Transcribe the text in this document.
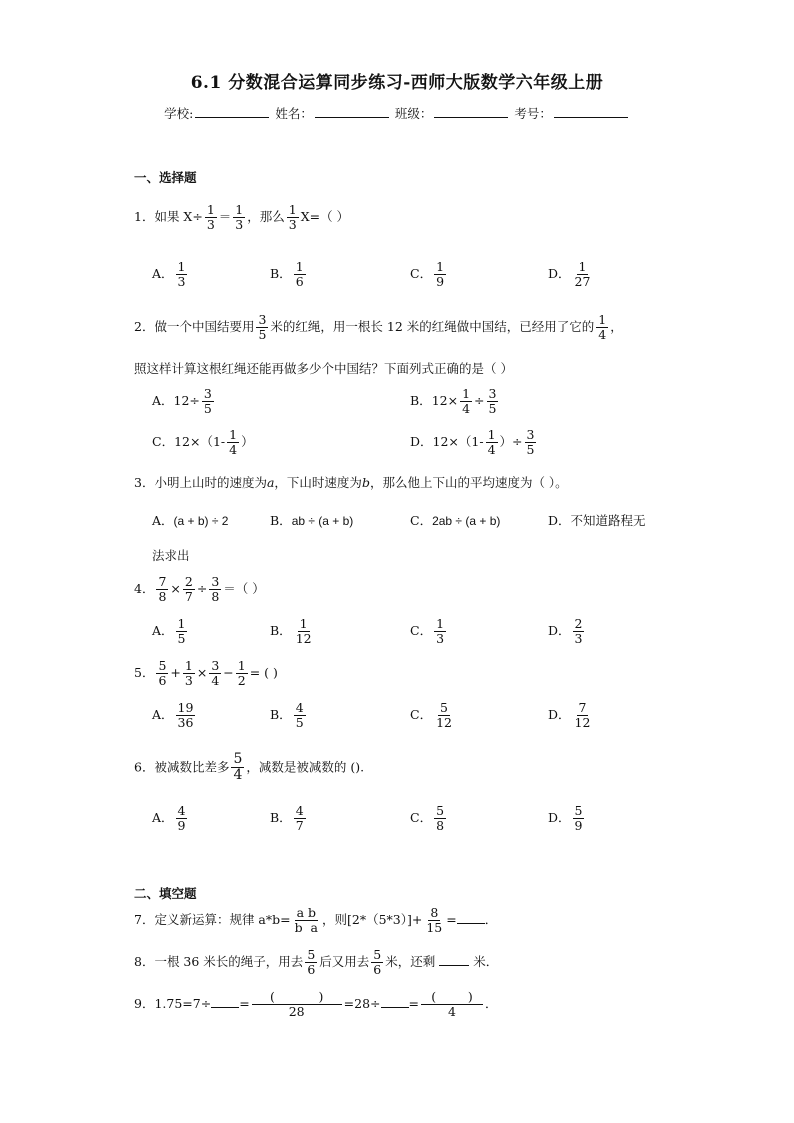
6.1 分数混合运算同步练习-西师大版数学六年级上册
学校:	姓名：	班级：	考号：
一、选择题
1．如果 $X\div \frac{1}{3} = \frac{1}{3}$ ，那么 $\frac{1}{3} X=$（ ）
A． $\frac{1}{3}$	B． $\frac{1}{6}$	C． $\frac{1}{9}$	D． $\frac{1}{27}$
2．做一个中国结要用 $\frac{3}{5}$ 米的红绳，用一根长 12 米的红绳做中国结，已经用了它的 $\frac{1}{4}$ ，
照这样计算这根红绳还能再做多少个中国结？下面列式正确的是（ ）
A．$12\div \frac{3}{5}$	B．$12\times \frac{1}{4} \div \frac{3}{5}$
C．$12\times(1- \frac{1}{4}$ ）	D．$12\times(1- \frac{1}{4}$ ）÷ $\frac{3}{5}$
3．小明上山时的速度为a，下山时速度为b，那么他上下山的平均速度为（ ）。
A．(a + b) ÷ 2	B．ab ÷ (a + b)	C．2ab ÷ (a + b)	D．不知道路程无
法求出
4． $\frac{7}{8} \times \frac{2}{7} \div \frac{3}{8}$ ＝（ ）
A． $\frac{1}{5}$	B． $\frac{1}{12}$	C． $\frac{1}{3}$	D． $\frac{2}{3}$
5． $\frac{5}{6} + \frac{1}{3} \times \frac{3}{4} - \frac{1}{2}$ = ( )
A． $\frac{19}{36}$	B． $\frac{4}{5}$	C． $\frac{5}{12}$	D． $\frac{7}{12}$
6．被减数比差多 $\frac{5}{4}$ ，减数是被减数的 ().
A． $\frac{4}{9}$	B． $\frac{4}{7}$	C． $\frac{5}{8}$	D． $\frac{5}{9}$
二、填空题
7．定义新运算：规律 $a*b= \frac{\text{a b}}{\text{b  a}}$ ，则$[2*(5*3)]+ \frac{8}{15}$ = ．
8．一根 36 米长的绳子，用去 $\frac{5}{6}$ 后又用去 $\frac{5}{6}$ 米，还剩	米．
9．$1.75=7\div = \frac{( )}{28} =28\div = \frac{( )}{4}$ ．
